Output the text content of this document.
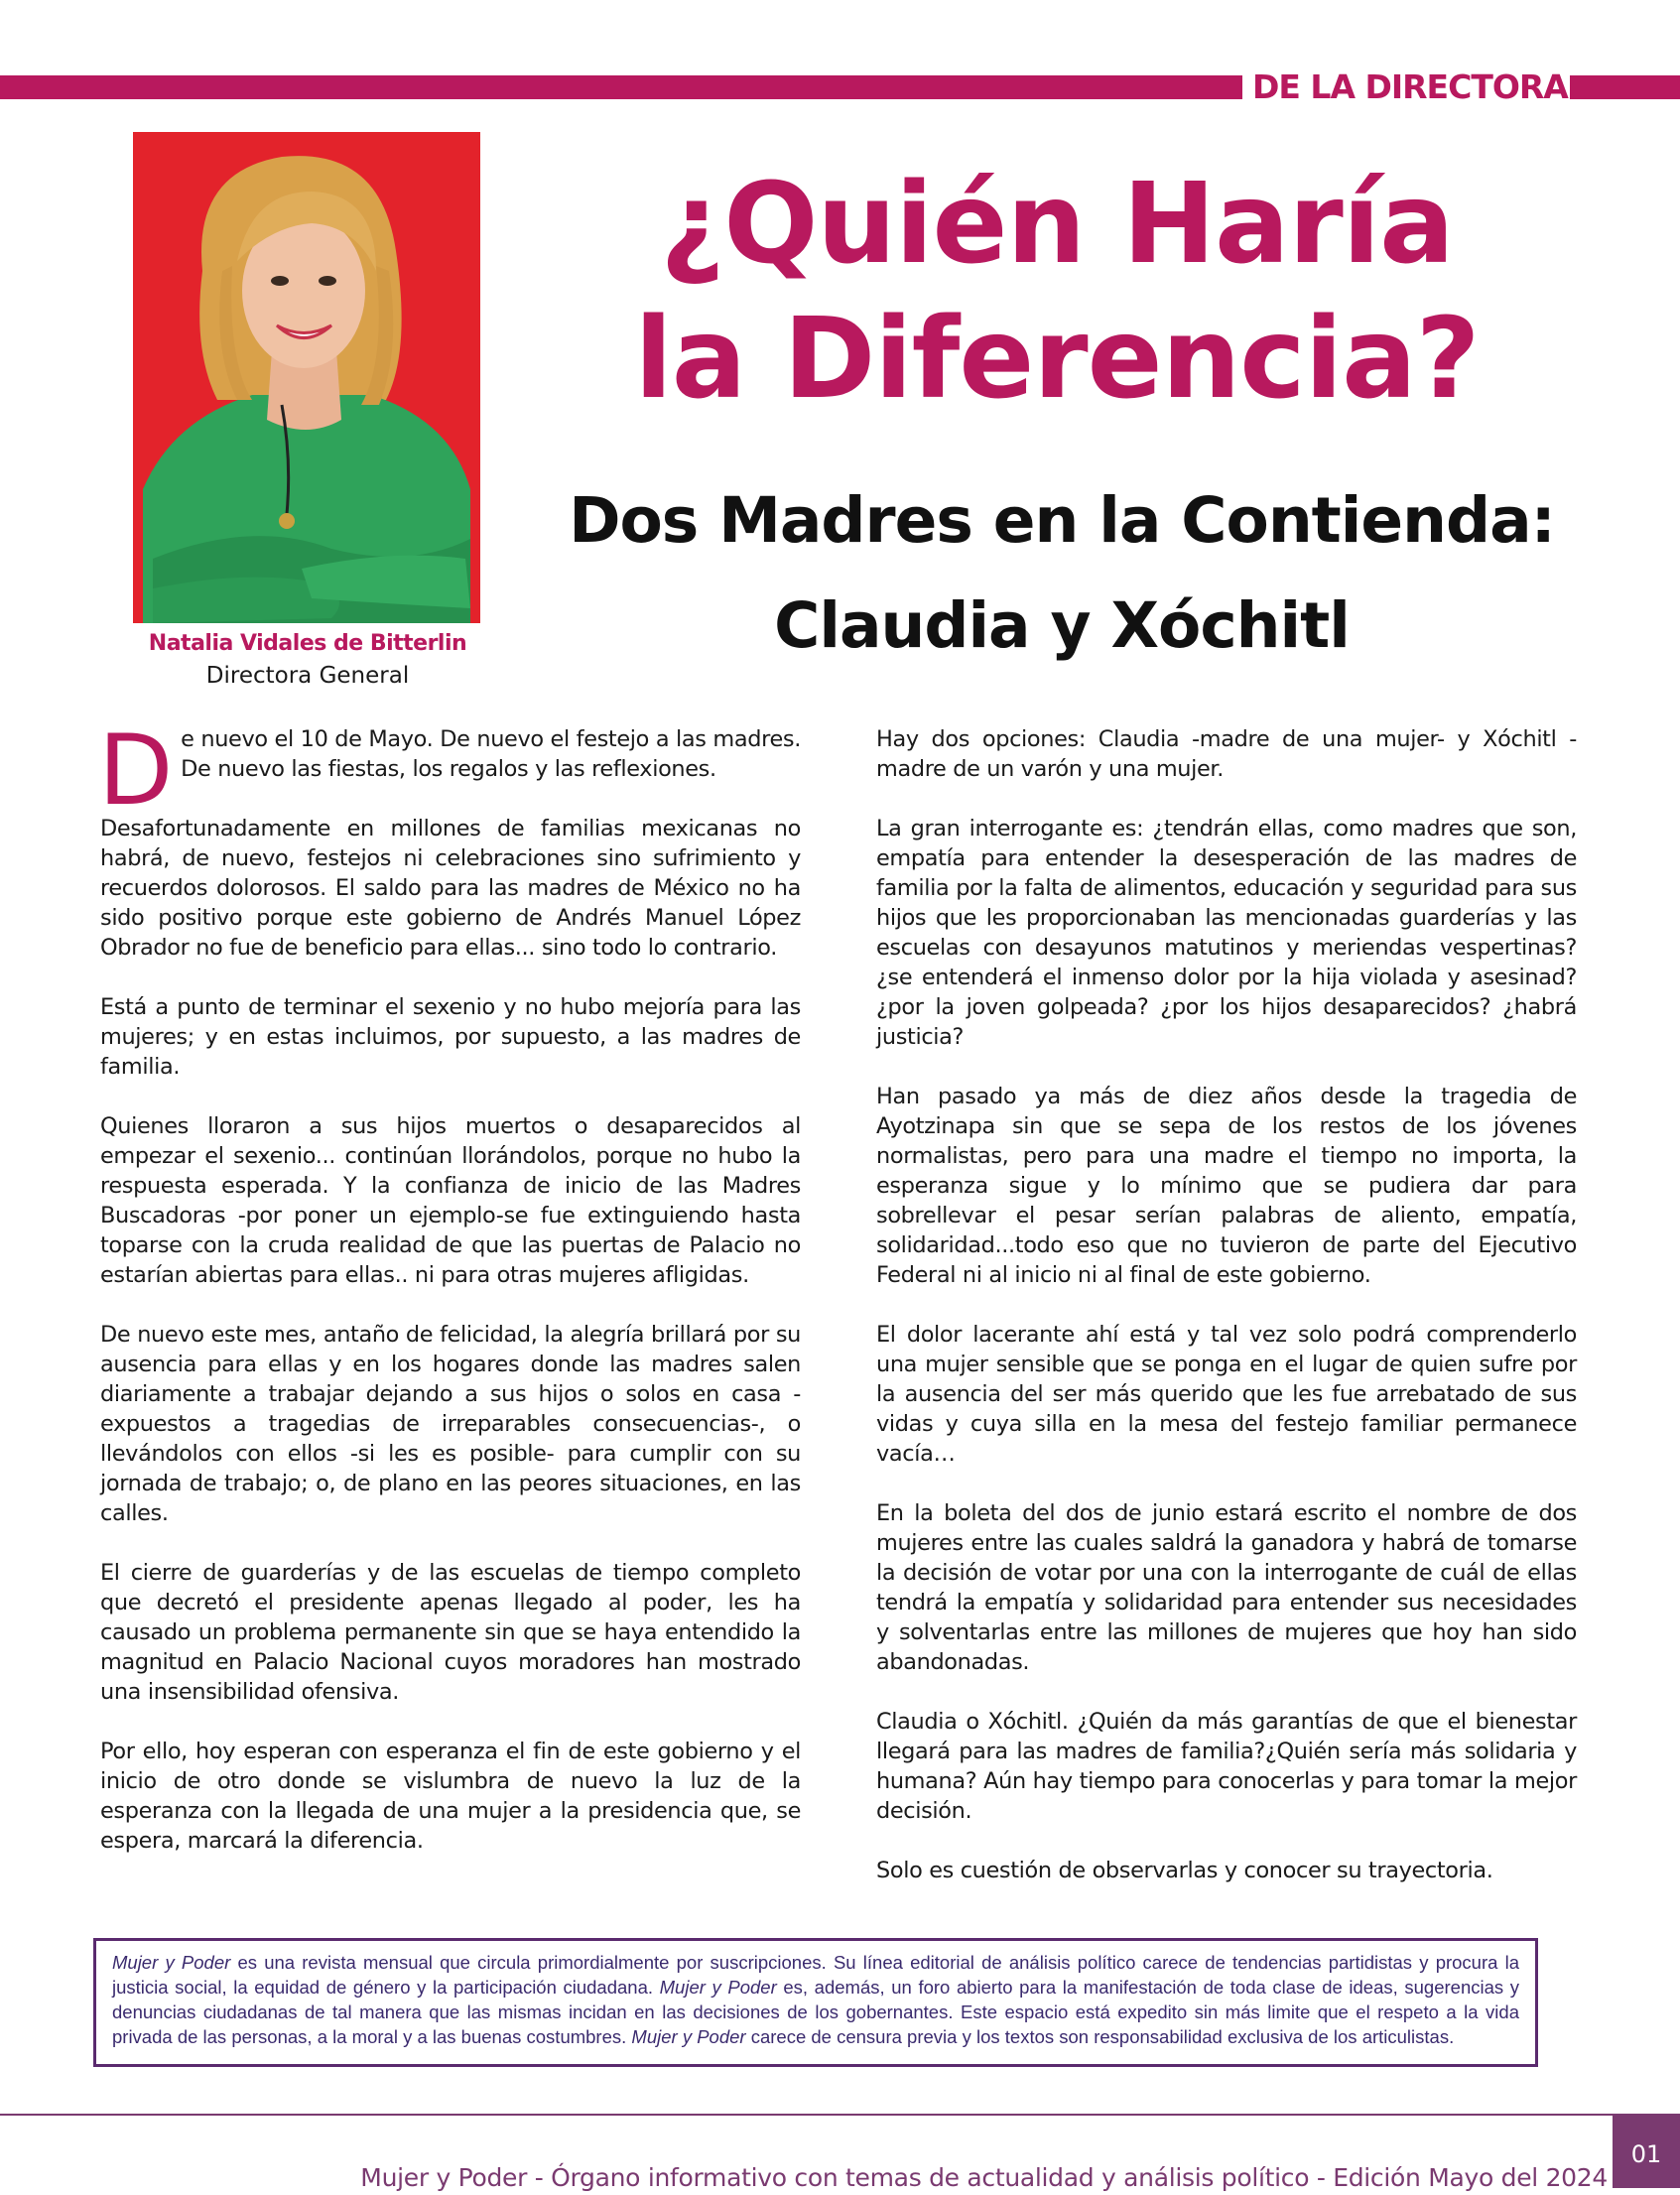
DE LA DIRECTORA
Natalia Vidales de Bitterlin
Directora General
¿Quién Haría
la Diferencia?
Dos Madres en la Contienda:
Claudia y Xóchitl

De nuevo el 10 de Mayo. De nuevo el festejo a las madres. De nuevo las fiestas, los regalos y las reflexiones.

Desafortunadamente en millones de familias mexicanas no habrá, de nuevo, festejos ni celebraciones sino sufrimiento y recuerdos dolorosos. El saldo para las madres de México no ha sido positivo porque este gobierno de Andrés Manuel López Obrador no fue de beneficio para ellas... sino todo lo contrario.

Está a punto de terminar el sexenio y no hubo mejoría para las mujeres; y en estas incluimos, por supuesto, a las madres de familia.

Quienes lloraron a sus hijos muertos o desaparecidos al empezar el sexenio... continúan llorándolos, porque no hubo la respuesta esperada. Y la confianza de inicio de las Madres Buscadoras -por poner un ejemplo-se fue extinguiendo hasta toparse con la cruda realidad de que las puertas de Palacio no estarían abiertas para ellas.. ni para otras mujeres afligidas.

De nuevo este mes, antaño de felicidad, la alegría brillará por su ausencia para ellas y en los hogares donde las madres salen diariamente a trabajar dejando a sus hijos o solos en casa -expuestos a tragedias de irreparables consecuencias-, o llevándolos con ellos -si les es posible- para cumplir con su jornada de trabajo; o, de plano en las peores situaciones, en las calles.

El cierre de guarderías y de las escuelas de tiempo completo que decretó el presidente apenas llegado al poder, les ha causado un problema permanente sin que se haya entendido la magnitud en Palacio Nacional cuyos moradores han mostrado una insensibilidad ofensiva.

Por ello, hoy esperan con esperanza el fin de este gobierno y el inicio de otro donde se vislumbra de nuevo la luz de la esperanza con la llegada de una mujer a la presidencia que, se espera, marcará la diferencia.

Hay dos opciones: Claudia -madre de una mujer- y Xóchitl -madre de un varón y una mujer.

La gran interrogante es: ¿tendrán ellas, como madres que son, empatía para entender la desesperación de las madres de familia por la falta de alimentos, educación y seguridad para sus hijos que les proporcionaban las mencionadas guarderías y las escuelas con desayunos matutinos y meriendas vespertinas? ¿se entenderá el inmenso dolor por la hija violada y asesinad? ¿por la joven golpeada? ¿por los hijos desaparecidos? ¿habrá justicia?

Han pasado ya más de diez años desde la tragedia de Ayotzinapa sin que se sepa de los restos de los jóvenes normalistas, pero para una madre el tiempo no importa, la esperanza sigue y lo mínimo que se pudiera dar para sobrellevar el pesar serían palabras de aliento, empatía, solidaridad...todo eso que no tuvieron de parte del Ejecutivo Federal ni al inicio ni al final de este gobierno.

El dolor lacerante ahí está y tal vez solo podrá comprenderlo una mujer sensible que se ponga en el lugar de quien sufre por la ausencia del ser más querido que les fue arrebatado de sus vidas y cuya silla en la mesa del festejo familiar permanece vacía…

En la boleta del dos de junio estará escrito el nombre de dos mujeres entre las cuales saldrá la ganadora y habrá de tomarse la decisión de votar por una con la interrogante de cuál de ellas tendrá la empatía y solidaridad para entender sus necesidades y solventarlas entre las millones de mujeres que hoy han sido abandonadas.

Claudia o Xóchitl. ¿Quién da más garantías de que el bienestar llegará para las madres de familia?¿Quién sería más solidaria y humana? Aún hay tiempo para conocerlas y para tomar la mejor decisión.

Solo es cuestión de observarlas y conocer su trayectoria.

Mujer y Poder es una revista mensual que circula primordialmente por suscripciones. Su línea editorial de análisis político carece de tendencias partidistas y procura la justicia social, la equidad de género y la participación ciudadana. Mujer y Poder es, además, un foro abierto para la manifestación de toda clase de ideas, sugerencias y denuncias ciudadanas de tal manera que las mismas incidan en las decisiones de los gobernantes. Este espacio está expedito sin más limite que el respeto a la vida privada de las personas, a la moral y a las buenas costumbres. Mujer y Poder carece de censura previa y los textos son responsabilidad exclusiva de los articulistas.
Mujer y Poder - Órgano informativo con temas de actualidad y análisis político - Edición Mayo del 2024
01
